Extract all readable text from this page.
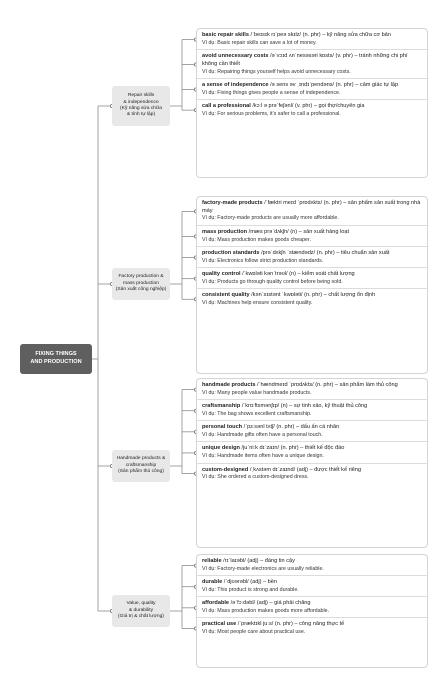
FIXING THINGS
AND PRODUCTION
Repair skills
& independence
(Kỹ năng sửa chữa
& tính tự lập)
basic repair skills /ˈbeɪsɪk rɪˈpeə skɪlz/ (n. phr) – kỹ năng sửa chữa cơ bản
Ví dụ: Basic repair skills can save a lot of money.
avoid unnecessary costs /əˈvɔɪd ʌnˈnesəsəri kɒsts/ (v. phr) – tránh những chi phí không cần thiết
Ví dụ: Repairing things yourself helps avoid unnecessary costs.
a sense of independence /ə sens əv ˌɪndɪˈpendəns/ (n. phr) – cảm giác tự lập
Ví dụ: Fixing things gives people a sense of independence.
call a professional /kɔːl ə prəˈfeʃənl/ (v. phr) – gọi thợ/chuyên gia
Ví dụ: For serious problems, it's safer to call a professional.
Factory production &
mass production
(Sản xuất công nghiệp)
factory-made products /ˈfæktri meɪd ˈprɒdʌkts/ (n. phr) – sản phẩm sản xuất trong nhà máy
Ví dụ: Factory-made products are usually more affordable.
mass production /mæs prəˈdʌkʃn/ (n) – sản xuất hàng loạt
Ví dụ: Mass production makes goods cheaper.
production standards /prəˈdʌkʃn ˈstændədz/ (n. phr) – tiêu chuẩn sản xuất
Ví dụ: Electronics follow strict production standards.
quality control /ˈkwɒləti kənˈtrəʊl/ (n) – kiểm soát chất lượng
Ví dụ: Products go through quality control before being sold.
consistent quality /kənˈsɪstənt ˈkwɒləti/ (n. phr) – chất lượng ổn định
Ví dụ: Machines help ensure consistent quality.
Handmade products &
craftsmanship
(Sản phẩm thủ công)
handmade products /ˈhændmeɪd ˈprɒdʌkts/ (n. phr) – sản phẩm làm thủ công
Ví dụ: Many people value handmade products.
craftsmanship /ˈkrɑːftsmənʃɪp/ (n) – sự tinh xảo, kỹ thuật thủ công
Ví dụ: The bag shows excellent craftsmanship.
personal touch /ˈpɜːsənl tʌtʃ/ (n. phr) – dấu ấn cá nhân
Ví dụ: Handmade gifts often have a personal touch.
unique design /juˈniːk dɪˈzaɪn/ (n. phr) – thiết kế độc đáo
Ví dụ: Handmade items often have a unique design.
custom-designed /ˌkʌstəm dɪˈzaɪnd/ (adj) – được thiết kế riêng
Ví dụ: She ordered a custom-designed dress.
Value, quality
& durability
(Giá trị & chất lượng)
reliable /rɪˈlaɪəbl/ (adj) – đáng tin cậy
Ví dụ: Factory-made electronics are usually reliable.
durable /ˈdjʊərəbl/ (adj) – bền
Ví dụ: This product is strong and durable.
affordable /əˈfɔːdəbl/ (adj) – giá phải chăng
Ví dụ: Mass production makes goods more affordable.
practical use /ˈpræktɪkl juːs/ (n. phr) – công năng thực tế
Ví dụ: Most people care about practical use.
